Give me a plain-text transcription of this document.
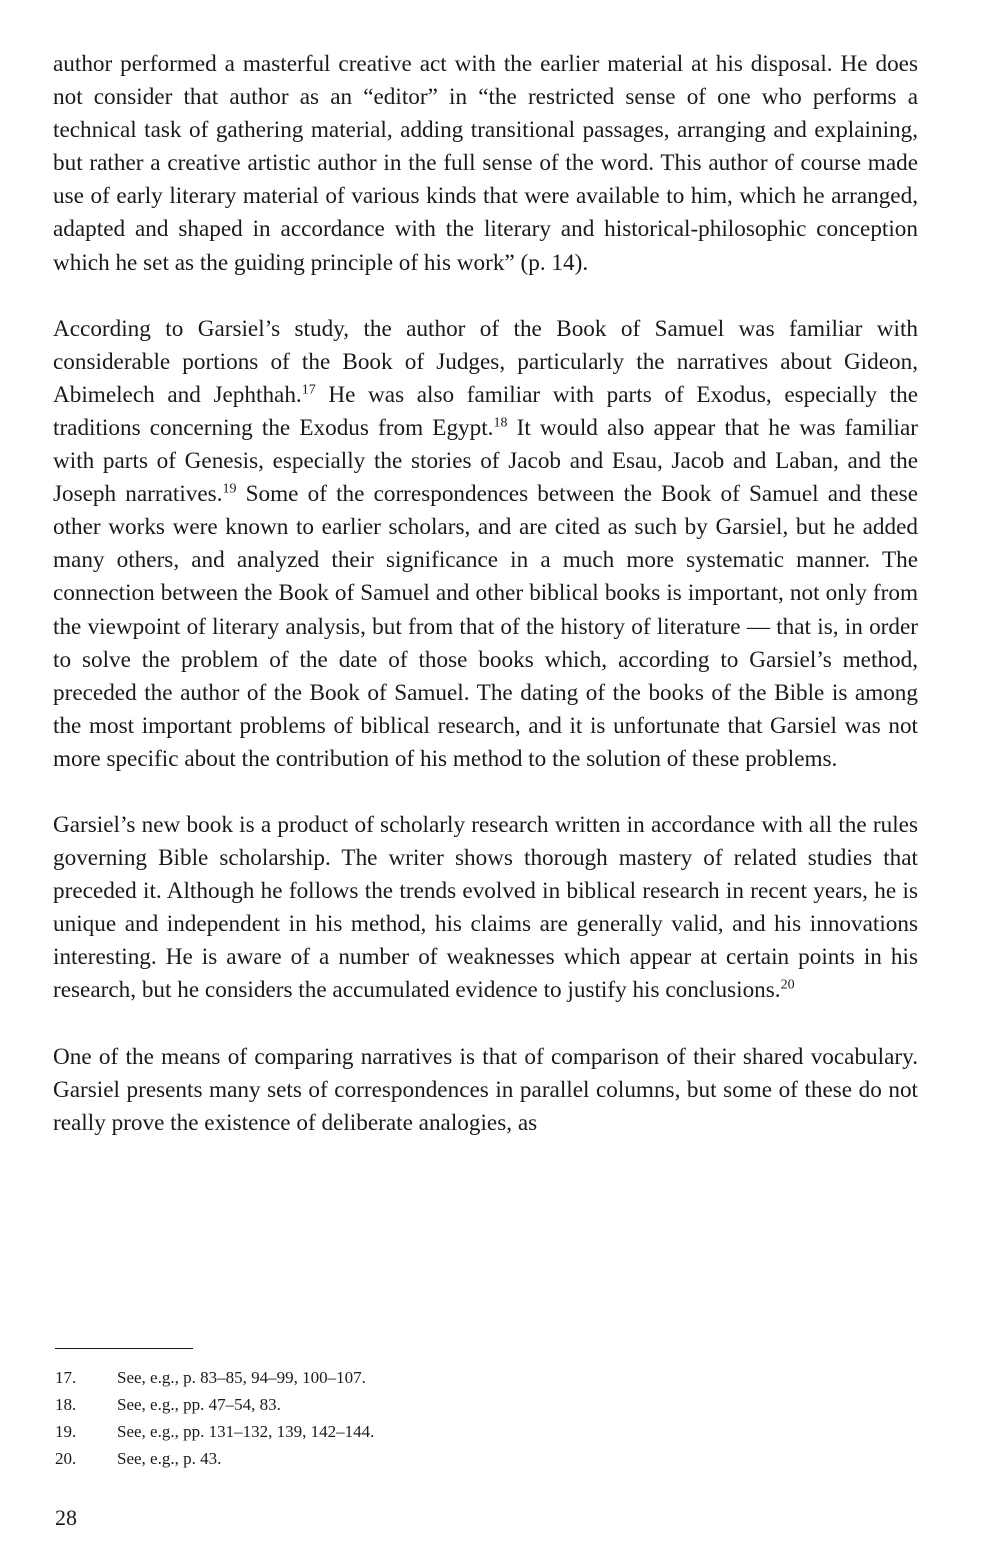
author performed a masterful creative act with the earlier material at his disposal. He does not consider that author as an “editor” in “the restricted sense of one who performs a technical task of gathering material, adding transitional passages, arranging and explaining, but rather a creative artistic author in the full sense of the word. This author of course made use of early literary material of various kinds that were available to him, which he arranged, adapted and shaped in accordance with the literary and historical-philosophic conception which he set as the guiding principle of his work” (p. 14).

According to Garsiel’s study, the author of the Book of Samuel was familiar with considerable portions of the Book of Judges, particularly the narratives about Gideon, Abimelech and Jephthah.$^{17}$ He was also familiar with parts of Exodus, especially the traditions concerning the Exodus from Egypt.$^{18}$ It would also appear that he was familiar with parts of Genesis, especially the stories of Jacob and Esau, Jacob and Laban, and the Joseph narratives.$^{19}$ Some of the correspondences between the Book of Samuel and these other works were known to earlier scholars, and are cited as such by Garsiel, but he added many others, and analyzed their significance in a much more systematic manner. The connection between the Book of Samuel and other biblical books is important, not only from the viewpoint of literary analysis, but from that of the history of literature — that is, in order to solve the problem of the date of those books which, according to Garsiel’s method, preceded the author of the Book of Samuel. The dating of the books of the Bible is among the most important problems of biblical research, and it is unfortunate that Garsiel was not more specific about the contribution of his method to the solution of these problems.

Garsiel’s new book is a product of scholarly research written in accordance with all the rules governing Bible scholarship. The writer shows thorough mastery of related studies that preceded it. Although he follows the trends evolved in biblical research in recent years, he is unique and independent in his method, his claims are generally valid, and his innovations interesting. He is aware of a number of weaknesses which appear at certain points in his research, but he considers the accumulated evidence to justify his conclusions.$^{20}$

One of the means of comparing narratives is that of comparison of their shared vocabulary. Garsiel presents many sets of correspondences in parallel columns, but some of these do not really prove the existence of deliberate analogies, as

17.	See, e.g., p. 83–85, 94–99, 100–107.
18.	See, e.g., pp. 47–54, 83.
19.	See, e.g., pp. 131–132, 139, 142–144.
20.	See, e.g., p. 43.
28
